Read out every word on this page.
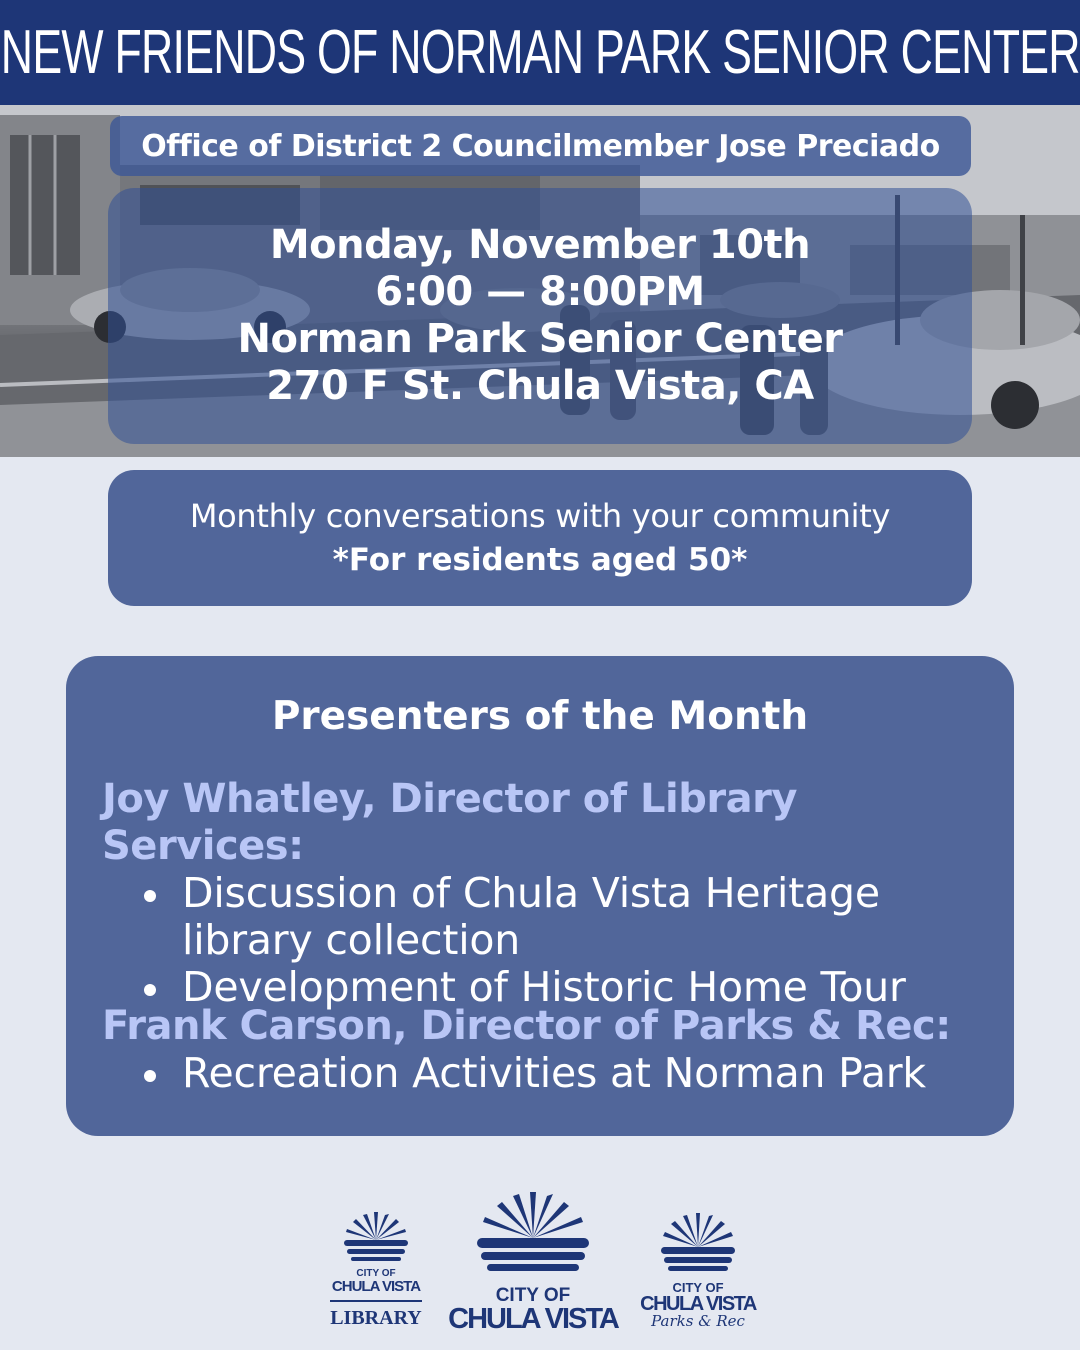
NEW FRIENDS OF NORMAN PARK SENIOR CENTER
Office of District 2 Councilmember Jose Preciado
Monday, November 10th
6:00 — 8:00PM
Norman Park Senior Center
270 F St. Chula Vista, CA
Monthly conversations with your community
*For residents aged 50*
Presenters of the Month
Joy Whatley, Director of Library Services:
Discussion of Chula Vista Heritage library collection
Development of Historic Home Tour
Frank Carson, Director of Parks & Rec:
Recreation Activities at Norman Park
CITY OF
CHULA VISTA
LIBRARY
CITY OF
CHULA VISTA
CITY OF
CHULA VISTA
Parks & Rec
